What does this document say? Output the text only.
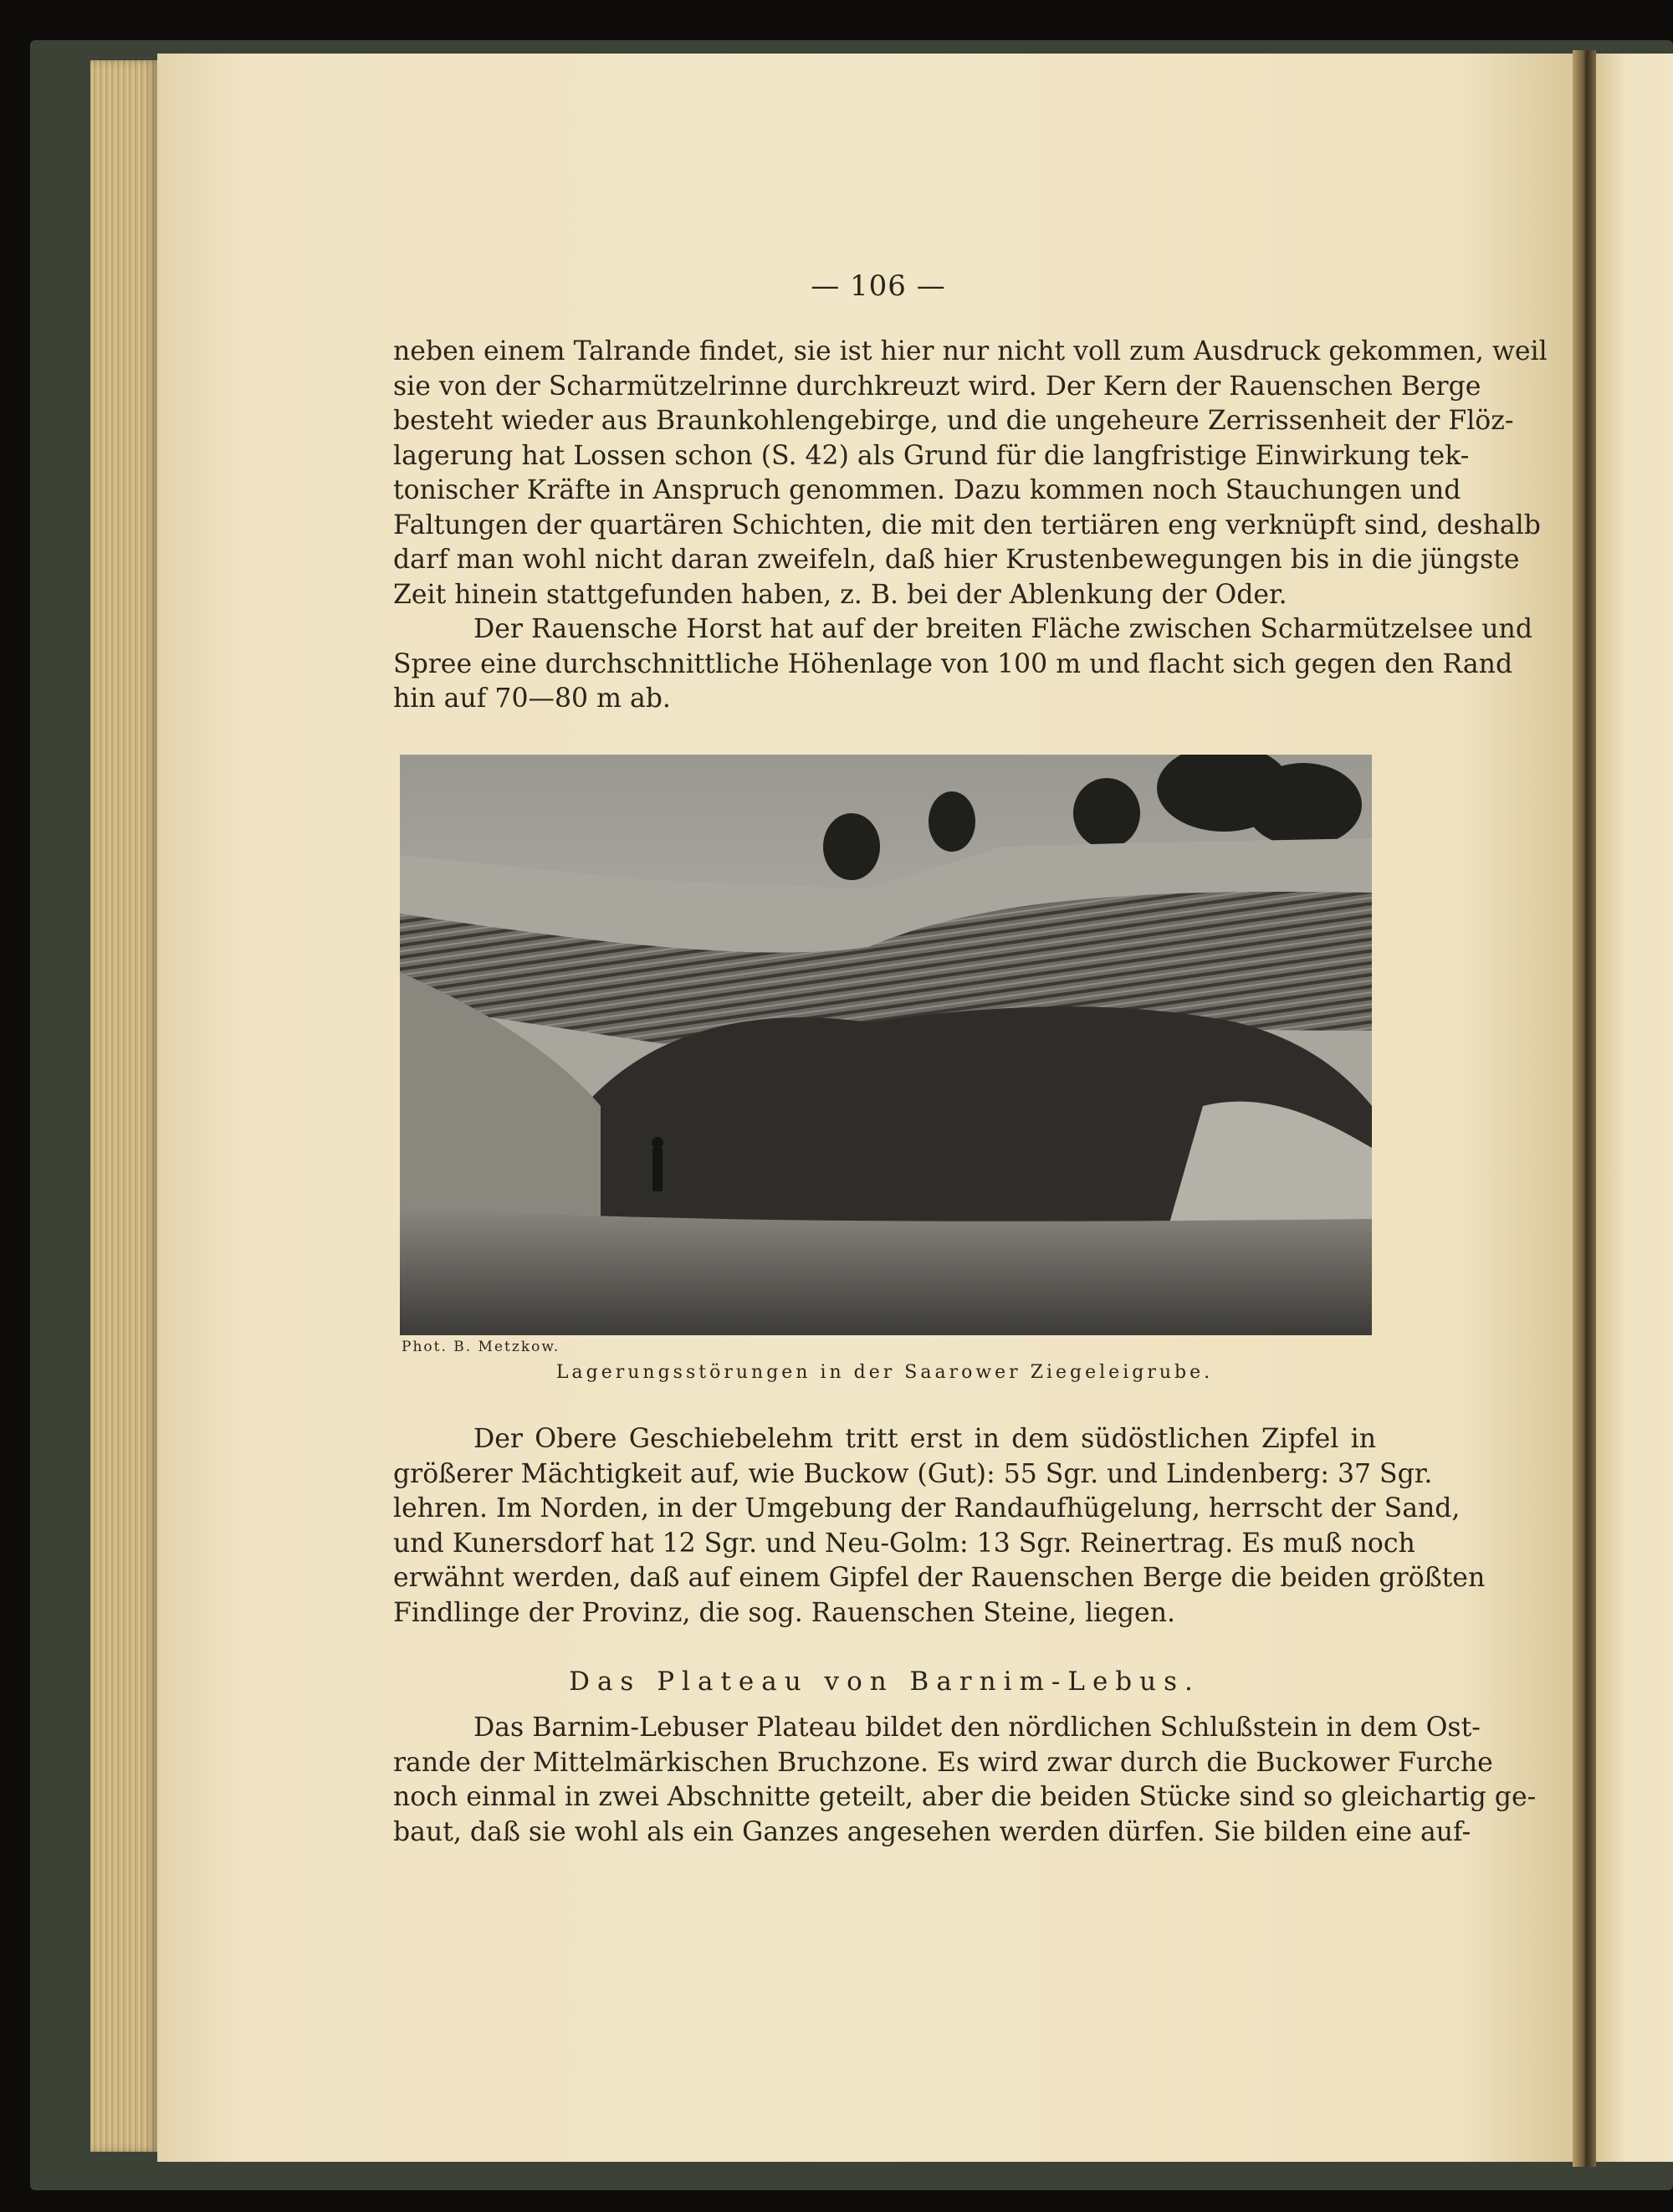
— 106 —
neben einem Talrande findet, sie ist hier nur nicht voll zum Ausdruck gekommen, weil
sie von der Scharmützelrinne durchkreuzt wird. Der Kern der Rauenschen Berge
besteht wieder aus Braunkohlengebirge, und die ungeheure Zerrissenheit der Flöz-
lagerung hat Lossen schon (S. 42) als Grund für die langfristige Einwirkung tek-
tonischer Kräfte in Anspruch genommen. Dazu kommen noch Stauchungen und
Faltungen der quartären Schichten, die mit den tertiären eng verknüpft sind, deshalb
darf man wohl nicht daran zweifeln, daß hier Krustenbewegungen bis in die jüngste
Zeit hinein stattgefunden haben, z. B. bei der Ablenkung der Oder.
Der Rauensche Horst hat auf der breiten Fläche zwischen Scharmützelsee und
Spree eine durchschnittliche Höhenlage von 100 m und flacht sich gegen den Rand
hin auf 70—80 m ab.
Phot. B. Metzkow.
Lagerungsstörungen in der Saarower Ziegeleigrube.
Der Obere Geschiebelehm tritt erst in dem südöstlichen Zipfel in
größerer Mächtigkeit auf, wie Buckow (Gut): 55 Sgr. und Lindenberg: 37 Sgr.
lehren. Im Norden, in der Umgebung der Randaufhügelung, herrscht der Sand,
und Kunersdorf hat 12 Sgr. und Neu-Golm: 13 Sgr. Reinertrag. Es muß noch
erwähnt werden, daß auf einem Gipfel der Rauenschen Berge die beiden größten
Findlinge der Provinz, die sog. Rauenschen Steine, liegen.
Das Plateau von Barnim-Lebus.
Das Barnim-Lebuser Plateau bildet den nördlichen Schlußstein in dem Ost-
rande der Mittelmärkischen Bruchzone. Es wird zwar durch die Buckower Furche
noch einmal in zwei Abschnitte geteilt, aber die beiden Stücke sind so gleichartig ge-
baut, daß sie wohl als ein Ganzes angesehen werden dürfen. Sie bilden eine auf-
